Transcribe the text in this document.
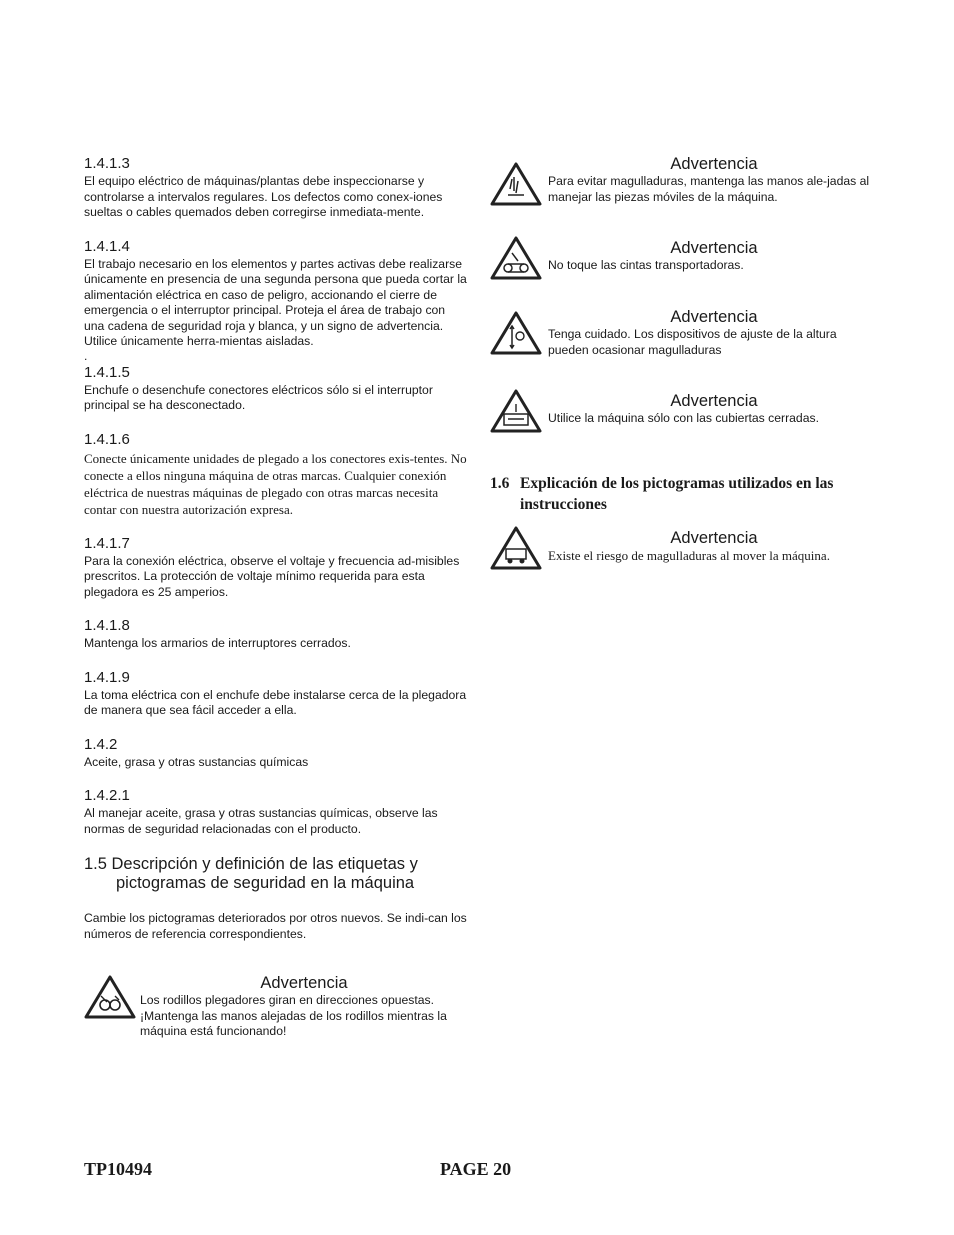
1.4.1.3

El equipo eléctrico de máquinas/plantas debe inspeccionarse y controlarse a intervalos regulares. Los defectos como conex-iones sueltas o cables quemados deben corregirse inmediata-mente.

1.4.1.4

El trabajo necesario en los elementos y partes activas debe realizarse únicamente en presencia de una segunda persona que pueda cortar la alimentación eléctrica en caso de peligro, accionando el cierre de emergencia o el interruptor principal. Proteja el área de trabajo con una cadena de seguridad roja y blanca, y un signo de advertencia. Utilice únicamente herra-mientas aisladas.

.
1.4.1.5

Enchufe o desenchufe conectores eléctricos sólo si el interruptor principal se ha desconectado.

1.4.1.6

Conecte únicamente unidades de plegado a los conectores exis-tentes. No conecte a ellos ninguna máquina de otras marcas. Cualquier conexión eléctrica de nuestras máquinas de plegado con otras marcas necesita contar con nuestra autorización expresa.

1.4.1.7

Para la conexión eléctrica, observe el voltaje y frecuencia ad-misibles prescritos. La protección de voltaje mínimo requerida para esta plegadora es 25 amperios.

1.4.1.8

Mantenga los armarios de interruptores cerrados.

1.4.1.9

La toma eléctrica con el enchufe debe instalarse cerca de la plegadora de manera que sea fácil acceder a ella.

1.4.2

Aceite, grasa y otras sustancias químicas

1.4.2.1

Al manejar aceite, grasa y otras sustancias químicas, observe las normas de seguridad relacionadas con el producto.

1.5 Descripción y definición de las etiquetas y
pictogramas de seguridad en la máquina

Cambie los pictogramas deteriorados por otros nuevos. Se indi-can los números de referencia correspondientes.

Advertencia

Los rodillos plegadores giran en direcciones opuestas. ¡Mantenga las manos alejadas de los rodillos mientras la máquina está funcionando!

Advertencia

Para evitar magulladuras, mantenga las manos ale-jadas al manejar las piezas móviles de la máquina.

Advertencia

No toque las cintas transportadoras.

Advertencia

Tenga cuidado. Los dispositivos de ajuste de la altura pueden ocasionar magulladuras

Advertencia

Utilice la máquina sólo con las cubiertas cerradas.

1.6 Explicación de los pictogramas utilizados en las instrucciones

Advertencia

Existe el riesgo de magulladuras al mover la máquina.

TP10494	PAGE 20
